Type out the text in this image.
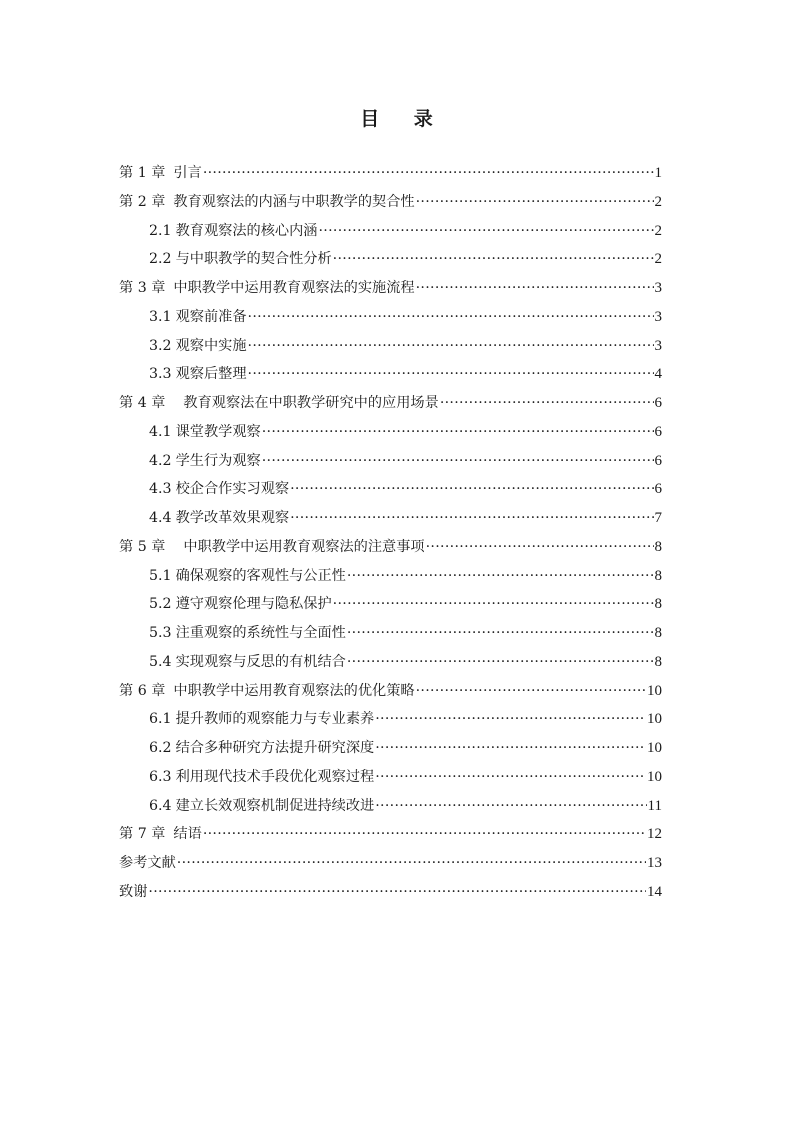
目 录
第 1 章 引言 ·····	1
第 2 章 教育观察法的内涵与中职教学的契合性 ·····	2
2.1 教育观察法的核心内涵 ·····	2
2.2 与中职教学的契合性分析 ·····	2
第 3 章 中职教学中运用教育观察法的实施流程 ·····	3
3.1 观察前准备 ·····	3
3.2 观察中实施 ·····	3
3.3 观察后整理 ·····	4
第 4 章 教育观察法在中职教学研究中的应用场景 ·····	6
4.1 课堂教学观察 ·····	6
4.2 学生行为观察 ·····	6
4.3 校企合作实习观察 ·····	6
4.4 教学改革效果观察 ·····	7
第 5 章 中职教学中运用教育观察法的注意事项 ·····	8
5.1 确保观察的客观性与公正性 ·····	8
5.2 遵守观察伦理与隐私保护 ·····	8
5.3 注重观察的系统性与全面性 ·····	8
5.4 实现观察与反思的有机结合 ·····	8
第 6 章 中职教学中运用教育观察法的优化策略 ·····	10
6.1 提升教师的观察能力与专业素养 ·····	10
6.2 结合多种研究方法提升研究深度 ·····	10
6.3 利用现代技术手段优化观察过程 ·····	10
6.4 建立长效观察机制促进持续改进 ·····	11
第 7 章 结语 ·····	12
参考文献 ·····	13
致谢 ·····	14
